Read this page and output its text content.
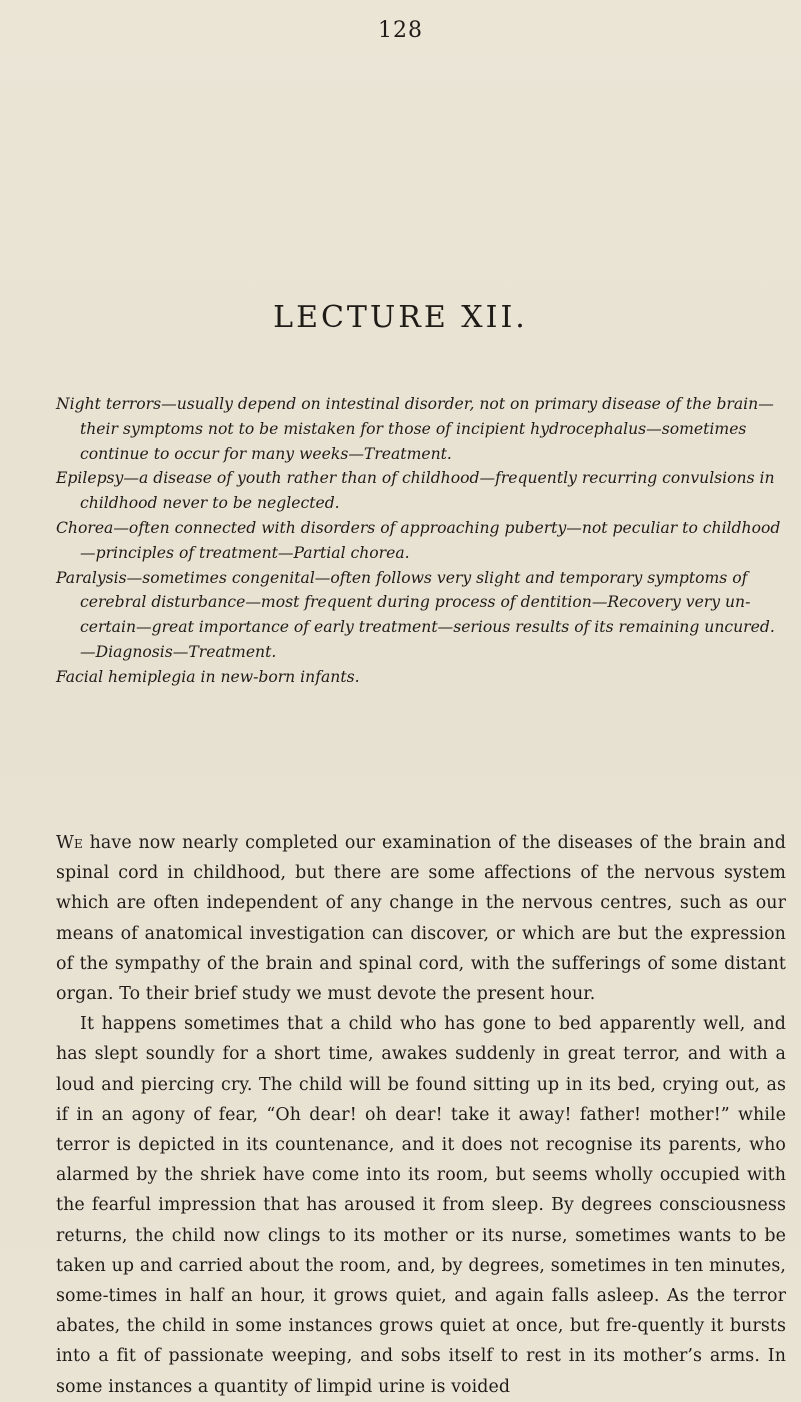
128
LECTURE XII.
Night terrors—usually depend on intestinal disorder, not on primary disease of the brain—their symptoms not to be mistaken for those of incipient hydrocephalus—sometimes continue to occur for many weeks—Treatment.
Epilepsy—a disease of youth rather than of childhood—frequently recurring convulsions in childhood never to be neglected.
Chorea—often connected with disorders of approaching puberty—not peculiar to childhood—principles of treatment—Partial chorea.
Paralysis—sometimes congenital—often follows very slight and temporary symptoms of cerebral disturbance—most frequent during process of dentition—Recovery very un-certain—great importance of early treatment—serious results of its remaining uncured.—Diagnosis—Treatment.
Facial hemiplegia in new-born infants.

We have now nearly completed our examination of the diseases of the brain and spinal cord in childhood, but there are some affections of the nervous system which are often independent of any change in the nervous centres, such as our means of anatomical investigation can discover, or which are but the expression of the sympathy of the brain and spinal cord, with the sufferings of some distant organ. To their brief study we must devote the present hour.

It happens sometimes that a child who has gone to bed apparently well, and has slept soundly for a short time, awakes suddenly in great terror, and with a loud and piercing cry. The child will be found sitting up in its bed, crying out, as if in an agony of fear, “Oh dear! oh dear! take it away! father! mother!” while terror is depicted in its countenance, and it does not recognise its parents, who alarmed by the shriek have come into its room, but seems wholly occupied with the fearful impression that has aroused it from sleep. By degrees consciousness returns, the child now clings to its mother or its nurse, sometimes wants to be taken up and carried about the room, and, by degrees, sometimes in ten minutes, some-times in half an hour, it grows quiet, and again falls asleep. As the terror abates, the child in some instances grows quiet at once, but fre-quently it bursts into a fit of passionate weeping, and sobs itself to rest in its mother’s arms. In some instances a quantity of limpid urine is voided
